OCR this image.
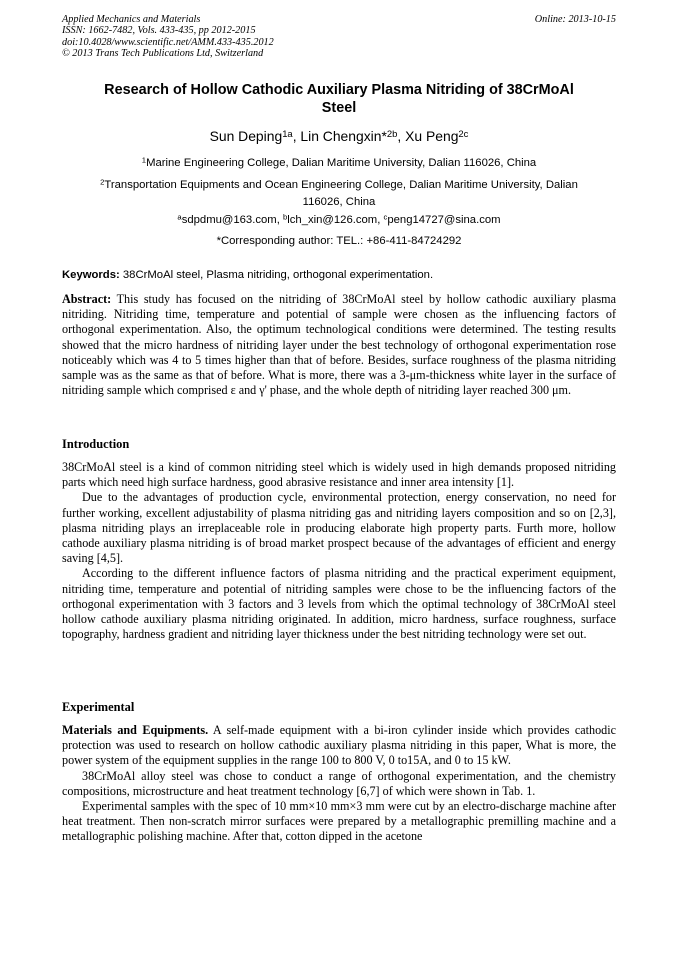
Applied Mechanics and Materials
ISSN: 1662-7482, Vols. 433-435, pp 2012-2015
doi:10.4028/www.scientific.net/AMM.433-435.2012
© 2013 Trans Tech Publications Ltd, Switzerland
Online: 2013-10-15
Research of Hollow Cathodic Auxiliary Plasma Nitriding of 38CrMoAl
Steel
Sun Deping$^{1a}$, Lin Chengxin*$^{2b}$, Xu Peng$^{2c}$
$^1$Marine Engineering College, Dalian Maritime University, Dalian 116026, China
$^2$Transportation Equipments and Ocean Engineering College, Dalian Maritime University, Dalian
116026, China
$^a$sdpdmu@163.com, $^b$lch_xin@126.com, $^c$peng14727@sina.com
*Corresponding author: TEL.: +86-411-84724292
Keywords: 38CrMoAl steel, Plasma nitriding, orthogonal experimentation.

Abstract: This study has focused on the nitriding of 38CrMoAl steel by hollow cathodic auxiliary plasma nitriding. Nitriding time, temperature and potential of sample were chosen as the influencing factors of orthogonal experimentation. Also, the optimum technological conditions were determined. The testing results showed that the micro hardness of nitriding layer under the best technology of orthogonal experimentation rose noticeably which was 4 to 5 times higher than that of before. Besides, surface roughness of the plasma nitriding sample was as the same as that of before. What is more, there was a 3-μm-thickness white layer in the surface of nitriding sample which comprised ε and γ' phase, and the whole depth of nitriding layer reached 300 μm.

Introduction

38CrMoAl steel is a kind of common nitriding steel which is widely used in high demands proposed nitriding parts which need high surface hardness, good abrasive resistance and inner area intensity [1].

Due to the advantages of production cycle, environmental protection, energy conservation, no need for further working, excellent adjustability of plasma nitriding gas and nitriding layers composition and so on [2,3], plasma nitriding plays an irreplaceable role in producing elaborate high property parts. Furth more, hollow cathode auxiliary plasma nitriding is of broad market prospect because of the advantages of efficient and energy saving [4,5].

According to the different influence factors of plasma nitriding and the practical experiment equipment, nitriding time, temperature and potential of nitriding samples were chose to be the influencing factors of the orthogonal experimentation with 3 factors and 3 levels from which the optimal technology of 38CrMoAl steel hollow cathode auxiliary plasma nitriding originated. In addition, micro hardness, surface roughness, surface topography, hardness gradient and nitriding layer thickness under the best nitriding technology were set out.

Experimental

Materials and Equipments. A self-made equipment with a bi-iron cylinder inside which provides cathodic protection was used to research on hollow cathodic auxiliary plasma nitriding in this paper, What is more, the power system of the equipment supplies in the range 100 to 800 V, 0 to15A, and 0 to 15 kW.

38CrMoAl alloy steel was chose to conduct a range of orthogonal experimentation, and the chemistry compositions, microstructure and heat treatment technology [6,7] of which were shown in Tab. 1.

Experimental samples with the spec of 10 mm×10 mm×3 mm were cut by an electro-discharge machine after heat treatment. Then non-scratch mirror surfaces were prepared by a metallographic premilling machine and a metallographic polishing machine. After that, cotton dipped in the acetone
